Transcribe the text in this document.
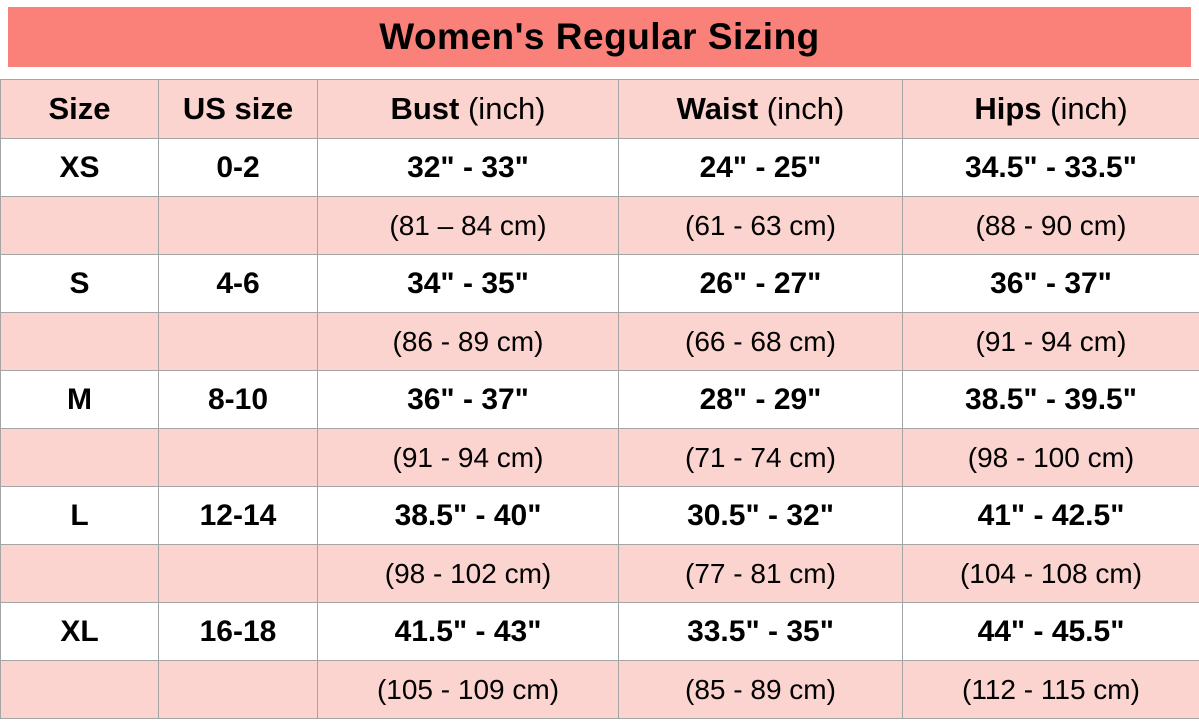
Women's Regular Sizing
Size	US size	Bust (inch)	Waist (inch)	Hips (inch)
XS	0-2	32" - 33"	24" - 25"	34.5" - 33.5"
		(81 – 84 cm)	(61 - 63 cm)	(88 - 90 cm)
S	4-6	34" - 35"	26" - 27"	36" - 37"
		(86 - 89 cm)	(66 - 68 cm)	(91 - 94 cm)
M	8-10	36" - 37"	28" - 29"	38.5" - 39.5"
		(91 - 94 cm)	(71 - 74 cm)	(98 - 100 cm)
L	12-14	38.5" - 40"	30.5" - 32"	41" - 42.5"
		(98 - 102 cm)	(77 - 81 cm)	(104 - 108 cm)
XL	16-18	41.5" - 43"	33.5" - 35"	44" - 45.5"
		(105 - 109 cm)	(85 - 89 cm)	(112 - 115 cm)
